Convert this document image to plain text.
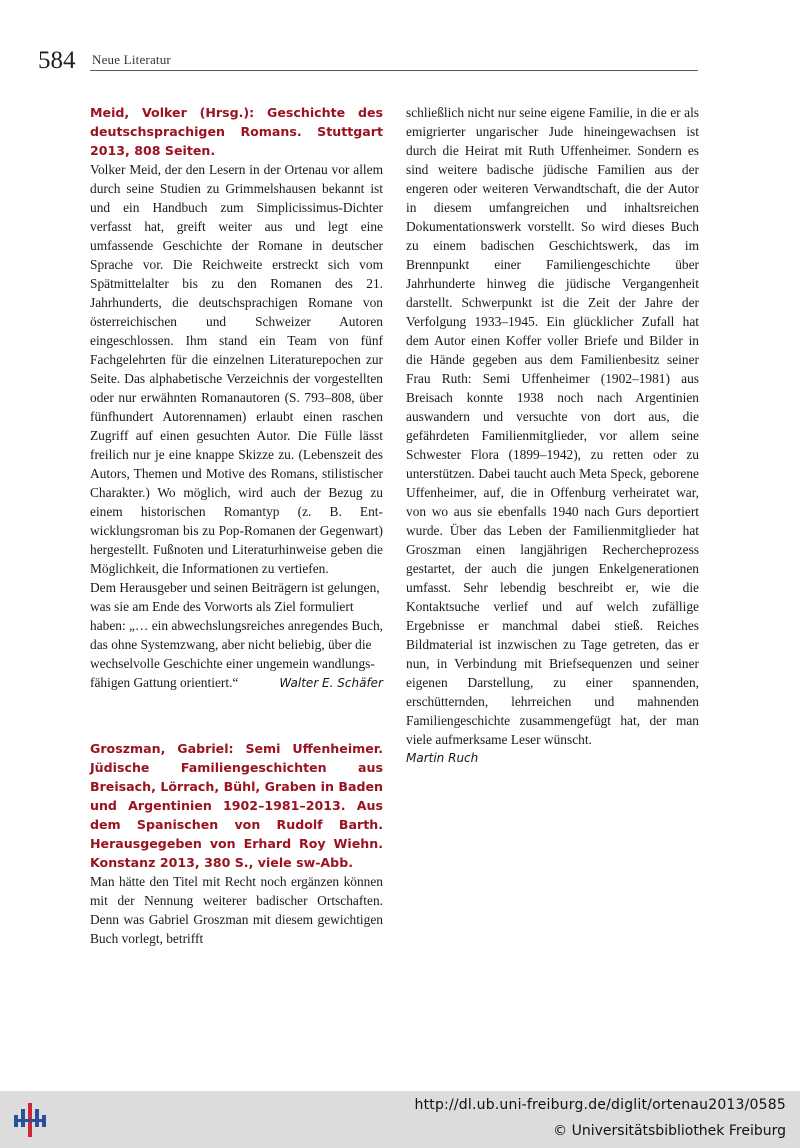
584 Neue Literatur

Meid, Volker (Hrsg.): Geschichte des deutschsprachigen Romans. Stuttgart 2013, 808 Seiten.

Volker Meid, der den Lesern in der Ortenau vor allem durch seine Studien zu Grimmelshausen bekannt ist und ein Handbuch zum Simplicissimus-Dichter verfasst hat, greift weiter aus und legt eine umfassende Geschichte der Romane in deutscher Sprache vor. Die Reichweite erstreckt sich vom Spätmittelalter bis zu den Romanen des 21. Jahrhunderts, die deutschsprachigen Romane von österreichischen und Schweizer Autoren eingeschlossen. Ihm stand ein Team von fünf Fachgelehrten für die einzelnen Literaturepochen zur Seite. Das alphabetische Verzeichnis der vorgestellten oder nur erwähnten Romanautoren (S. 793–808, über fünfhundert Autorennamen) erlaubt einen raschen Zugriff auf einen gesuchten Autor. Die Fülle lässt freilich nur je eine knappe Skizze zu. (Lebenszeit des Autors, Themen und Motive des Romans, stilistischer Charakter.) Wo möglich, wird auch der Bezug zu einem historischen Romantyp (z. B. Entwicklungsroman bis zu Pop-Romanen der Gegenwart) hergestellt. Fußnoten und Literaturhinweise geben die Möglichkeit, die Informationen zu vertiefen.

Dem Herausgeber und seinen Beiträgern ist gelungen, was sie am Ende des Vorworts als Ziel formuliert haben: „… ein abwechslungsreiches anregendes Buch, das ohne Systemzwang, aber nicht beliebig, über die wechselvolle Geschichte einer ungemein wandlungsfähigen Gattung orientiert.“	Walter E. Schäfer

Groszman, Gabriel: Semi Uffenheimer. Jüdische Familiengeschichten aus Breisach, Lörrach, Bühl, Graben in Baden und Argentinien 1902–1981–2013. Aus dem Spanischen von Rudolf Barth. Herausgegeben von Erhard Roy Wiehn. Konstanz 2013, 380 S., viele sw-Abb.

Man hätte den Titel mit Recht noch ergänzen können mit der Nennung weiterer badischer Ortschaften. Denn was Gabriel Groszman mit diesem gewichtigen Buch vorlegt, betrifft

schließlich nicht nur seine eigene Familie, in die er als emigrierter ungarischer Jude hineingewachsen ist durch die Heirat mit Ruth Uffenheimer. Sondern es sind weitere badische jüdische Familien aus der engeren oder weiteren Verwandtschaft, die der Autor in diesem umfangreichen und inhaltsreichen Dokumentationswerk vorstellt. So wird dieses Buch zu einem badischen Geschichtswerk, das im Brennpunkt einer Familiengeschichte über Jahrhunderte hinweg die jüdische Vergangenheit darstellt. Schwerpunkt ist die Zeit der Jahre der Verfolgung 1933–1945. Ein glücklicher Zufall hat dem Autor einen Koffer voller Briefe und Bilder in die Hände gegeben aus dem Familienbesitz seiner Frau Ruth: Semi Uffenheimer (1902–1981) aus Breisach konnte 1938 noch nach Argentinien auswandern und versuchte von dort aus, die gefährdeten Familienmitglieder, vor allem seine Schwester Flora (1899–1942), zu retten oder zu unterstützen. Dabei taucht auch Meta Speck, geborene Uffenheimer, auf, die in Offenburg verheiratet war, von wo aus sie ebenfalls 1940 nach Gurs deportiert wurde. Über das Leben der Familienmitglieder hat Groszman einen langjährigen Rechercheprozess gestartet, der auch die jungen Enkelgenerationen umfasst. Sehr lebendig beschreibt er, wie die Kontaktsuche verlief und auf welch zufällige Ergebnisse er manchmal dabei stieß. Reiches Bildmaterial ist inzwischen zu Tage getreten, das er nun, in Verbindung mit Briefsequenzen und seiner eigenen Darstellung, zu einer spannenden, erschütternden, lehrreichen und mahnenden Familiengeschichte zusammengefügt hat, der man viele aufmerksame Leser wünscht.

Martin Ruch

http://dl.ub.uni-freiburg.de/diglit/ortenau2013/0585
© Universitätsbibliothek Freiburg
